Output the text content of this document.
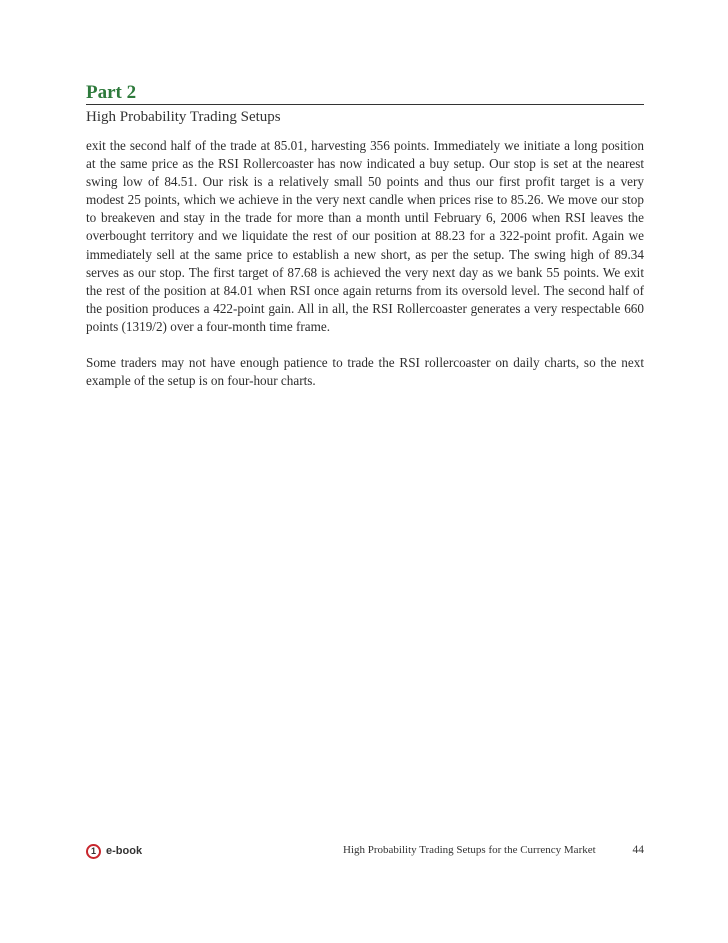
Part 2
High Probability Trading Setups

exit the second half of the trade at 85.01, harvesting 356 points. Immediately we initiate a long position at the same price as the RSI Rollercoaster has now indicated a buy setup. Our stop is set at the nearest swing low of 84.51. Our risk is a relatively small 50 points and thus our first profit target is a very modest 25 points, which we achieve in the very next candle when prices rise to 85.26. We move our stop to breakeven and stay in the trade for more than a month until February 6, 2006 when RSI leaves the overbought territory and we liquidate the rest of our position at 88.23 for a 322-point profit. Again we immediately sell at the same price to establish a new short, as per the setup. The swing high of 89.34 serves as our stop. The first target of 87.68 is achieved the very next day as we bank 55 points. We exit the rest of the position at 84.01 when RSI once again returns from its oversold level. The second half of the position produces a 422-point gain. All in all, the RSI Rollercoaster generates a very respectable 660 points (1319/2) over a four-month time frame.

Some traders may not have enough patience to trade the RSI rollercoaster on daily charts, so the next example of the setup is on four-hour charts.

1 e-book	High Probability Trading Setups for the Currency Market	44
